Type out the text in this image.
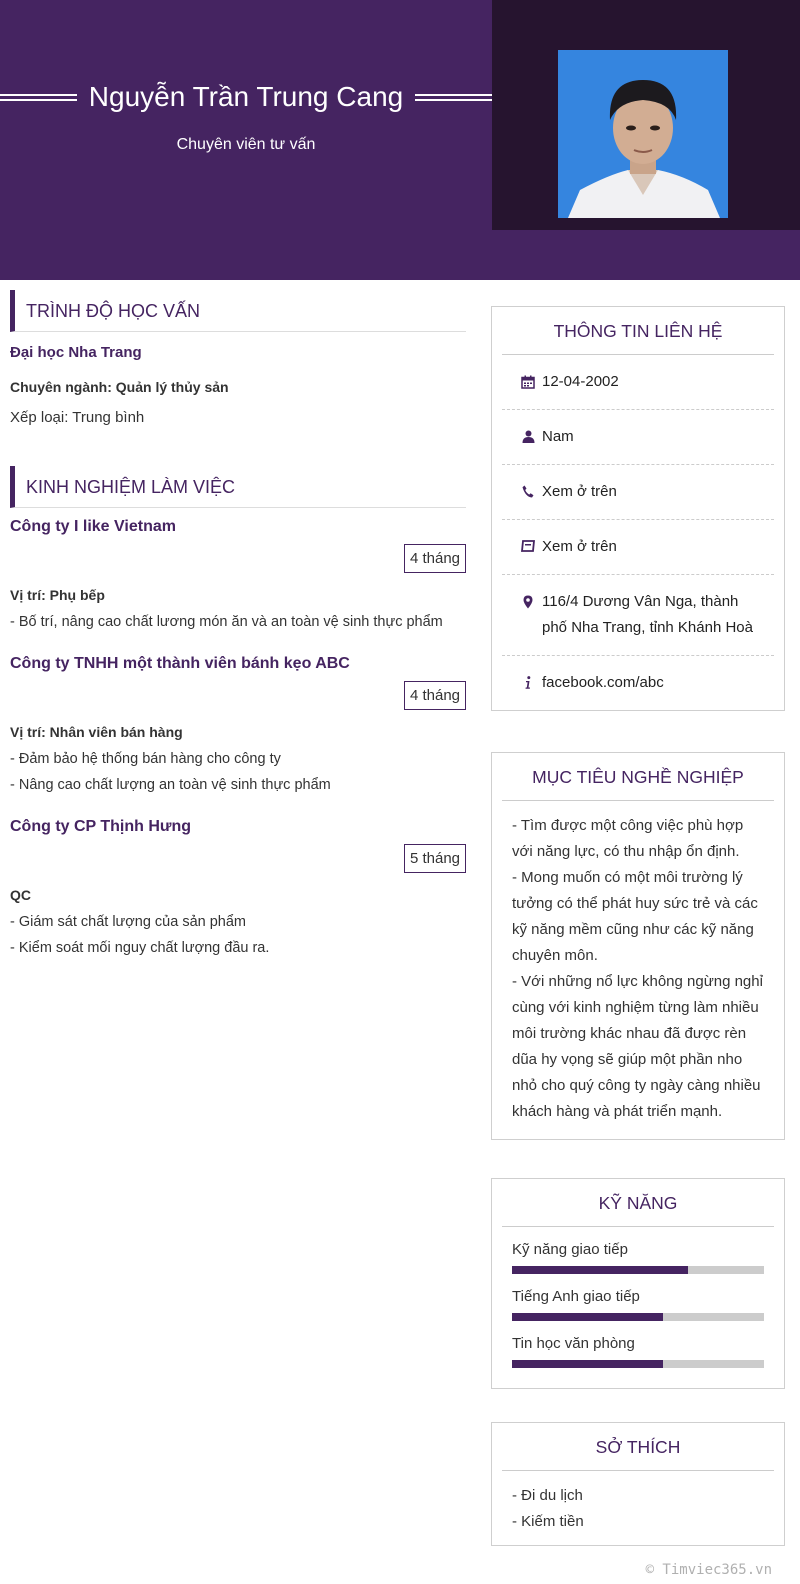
Nguyễn Trần Trung Cang
Chuyên viên tư vấn
TRÌNH ĐỘ HỌC VẤN
Đại học Nha Trang
Chuyên ngành: Quản lý thủy sản
Xếp loại: Trung bình
KINH NGHIỆM LÀM VIỆC
Công ty I like Vietnam
4 tháng
Vị trí: Phụ bếp
- Bố trí, nâng cao chất lương món ăn và an toàn vệ sinh thực phẩm
Công ty TNHH một thành viên bánh kẹo ABC
4 tháng
Vị trí: Nhân viên bán hàng
- Đảm bảo hệ thống bán hàng cho công ty
- Nâng cao chất lượng an toàn vệ sinh thực phẩm
Công ty CP Thịnh Hưng
5 tháng
QC
- Giám sát chất lượng của sản phẩm
- Kiểm soát mối nguy chất lượng đầu ra.
THÔNG TIN LIÊN HỆ
12-04-2002
Nam
Xem ở trên
Xem ở trên
116/4 Dương Vân Nga, thành phố Nha Trang, tỉnh Khánh Hoà
facebook.com/abc
MỤC TIÊU NGHỀ NGHIỆP
- Tìm được một công việc phù hợp với năng lực, có thu nhập ổn định.
- Mong muốn có một môi trường lý tưởng có thể phát huy sức trẻ và các kỹ năng mềm cũng như các kỹ năng chuyên môn.
- Với những nổ lực không ngừng nghỉ cùng với kinh nghiệm từng làm nhiều môi trường khác nhau đã được rèn dũa hy vọng sẽ giúp một phần nho nhỏ cho quý công ty ngày càng nhiều khách hàng và phát triển mạnh.
KỸ NĂNG
Kỹ năng giao tiếp
Tiếng Anh giao tiếp
Tin học văn phòng
SỞ THÍCH
- Đi du lịch
- Kiếm tiền
© Timviec365.vn
